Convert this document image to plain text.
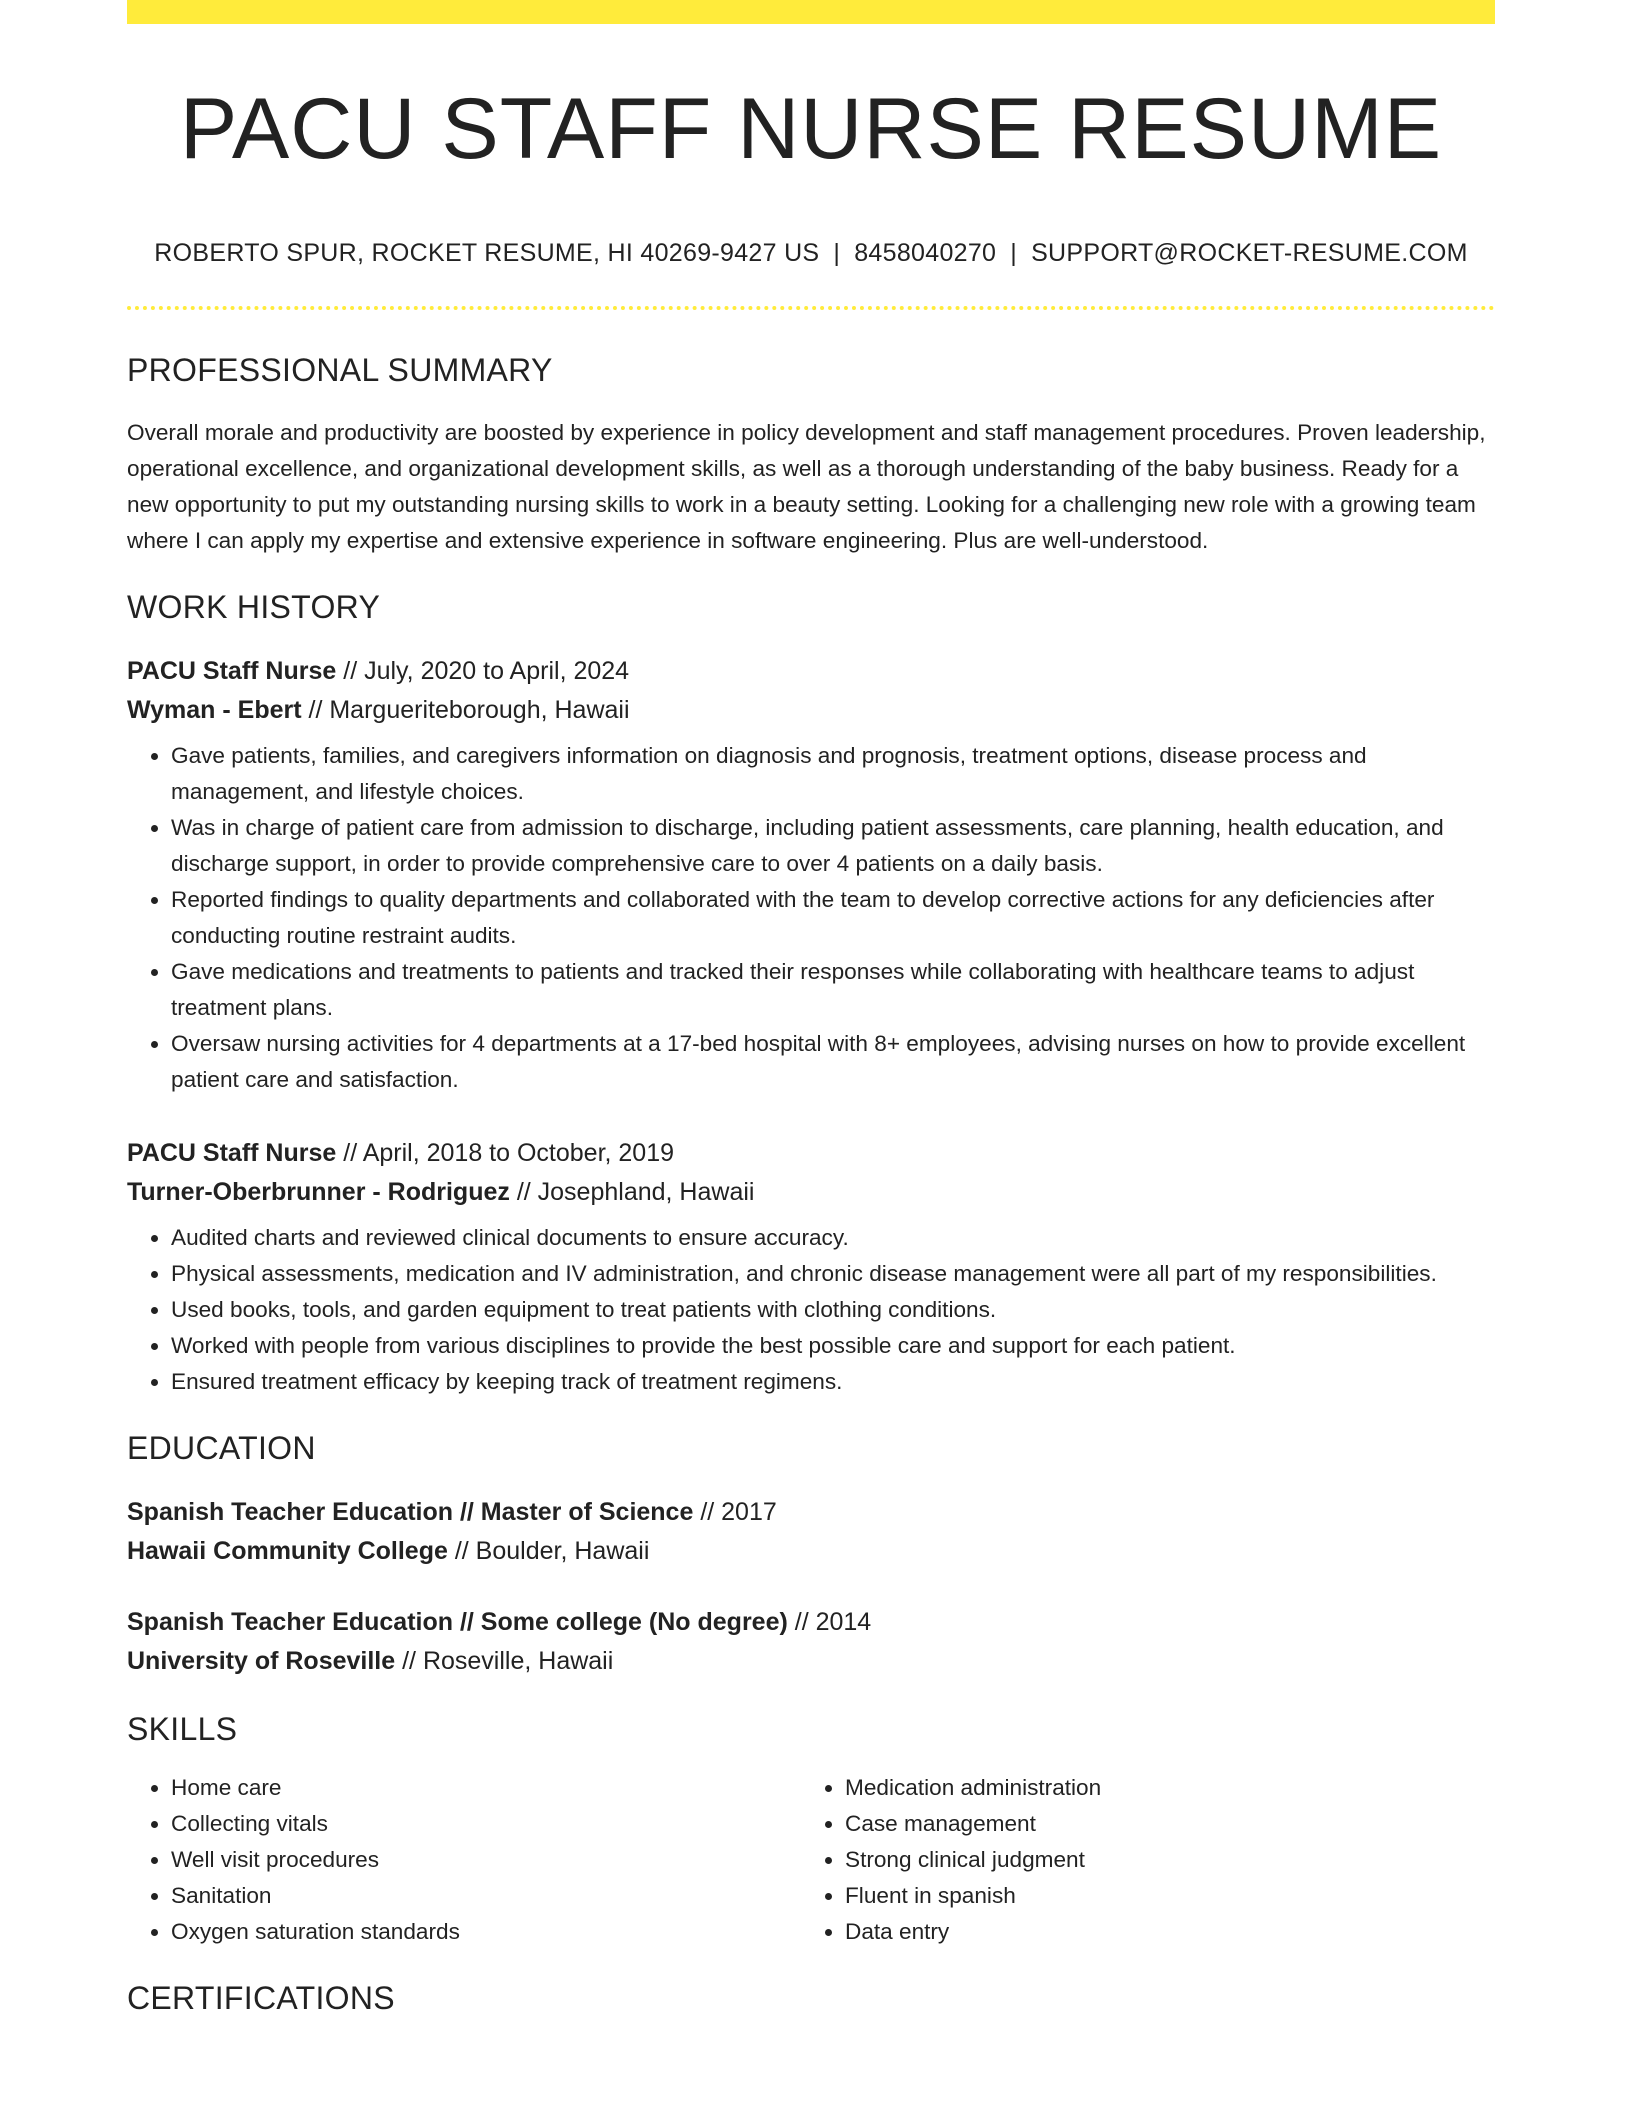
PACU STAFF NURSE RESUME
ROBERTO SPUR, ROCKET RESUME, HI 40269-9427 US | 8458040270 | SUPPORT@ROCKET-RESUME.COM
PROFESSIONAL SUMMARY

Overall morale and productivity are boosted by experience in policy development and staff management procedures. Proven leadership, operational excellence, and organizational development skills, as well as a thorough understanding of the baby business. Ready for a new opportunity to put my outstanding nursing skills to work in a beauty setting. Looking for a challenging new role with a growing team where I can apply my expertise and extensive experience in software engineering. Plus are well-understood.

WORK HISTORY
PACU Staff Nurse // July, 2020 to April, 2024
Wyman - Ebert // Margueriteborough, Hawaii
• Gave patients, families, and caregivers information on diagnosis and prognosis, treatment options, disease process and management, and lifestyle choices.
• Was in charge of patient care from admission to discharge, including patient assessments, care planning, health education, and discharge support, in order to provide comprehensive care to over 4 patients on a daily basis.
• Reported findings to quality departments and collaborated with the team to develop corrective actions for any deficiencies after conducting routine restraint audits.
• Gave medications and treatments to patients and tracked their responses while collaborating with healthcare teams to adjust treatment plans.
• Oversaw nursing activities for 4 departments at a 17-bed hospital with 8+ employees, advising nurses on how to provide excellent patient care and satisfaction.
PACU Staff Nurse // April, 2018 to October, 2019
Turner-Oberbrunner - Rodriguez // Josephland, Hawaii
• Audited charts and reviewed clinical documents to ensure accuracy.
• Physical assessments, medication and IV administration, and chronic disease management were all part of my responsibilities.
• Used books, tools, and garden equipment to treat patients with clothing conditions.
• Worked with people from various disciplines to provide the best possible care and support for each patient.
• Ensured treatment efficacy by keeping track of treatment regimens.
EDUCATION
Spanish Teacher Education // Master of Science // 2017
Hawaii Community College // Boulder, Hawaii
Spanish Teacher Education // Some college (No degree) // 2014
University of Roseville // Roseville, Hawaii
SKILLS
• Home care
• Collecting vitals
• Well visit procedures
• Sanitation
• Oxygen saturation standards
• Medication administration
• Case management
• Strong clinical judgment
• Fluent in spanish
• Data entry
CERTIFICATIONS
